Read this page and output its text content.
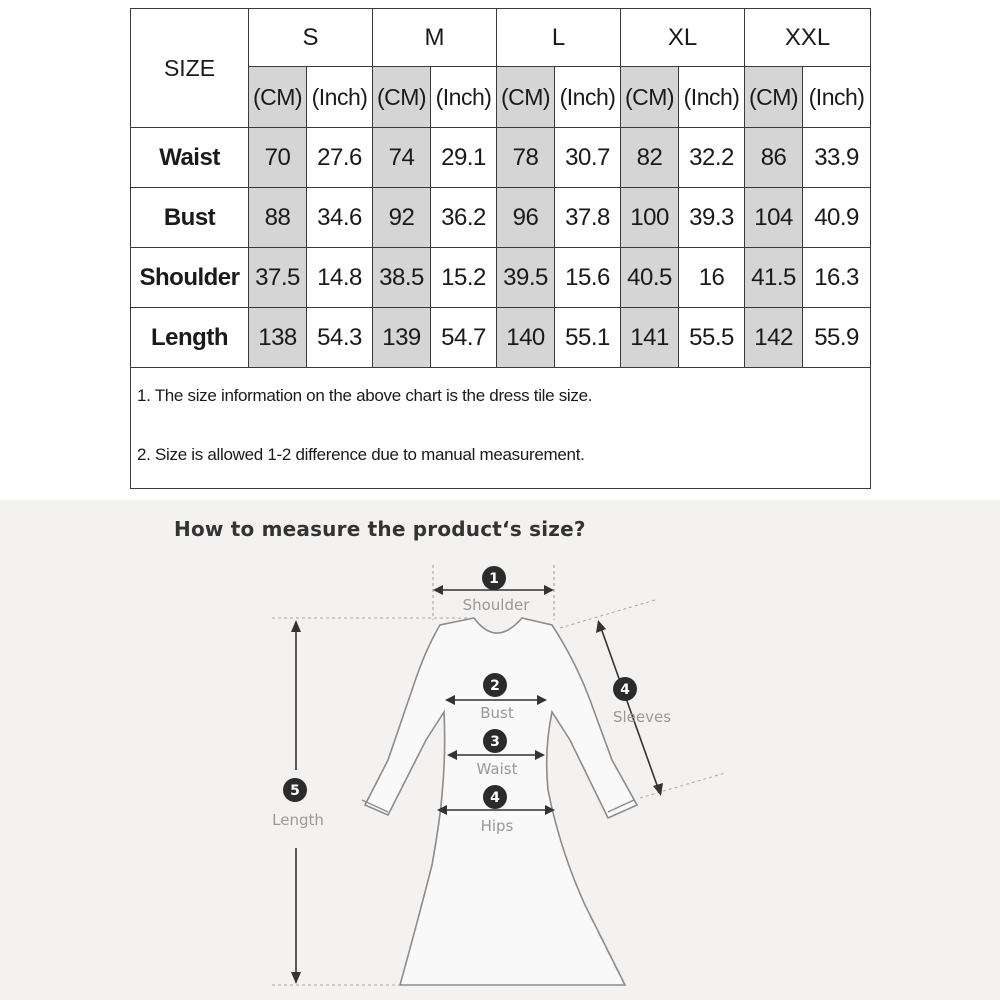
SIZE	S		M		L		XL		XXL	
	(CM)	(Inch)	(CM)	(Inch)	(CM)	(Inch)	(CM)	(Inch)	(CM)	(Inch)
Waist	70	27.6	74	29.1	78	30.7	82	32.2	86	33.9
Bust	88	34.6	92	36.2	96	37.8	100	39.3	104	40.9
Shoulder	37.5	14.8	38.5	15.2	39.5	15.6	40.5	16	41.5	16.3
Length	138	54.3	139	54.7	140	55.1	141	55.5	142	55.9

1. The size information on the above chart is the dress tile size.
2. Size is allowed 1-2 difference due to manual measurement.										
How to measure the product‘s size?
1
Shoulder
2
Bust
3
Waist
4
Hips
4
Sleeves
5
Length
